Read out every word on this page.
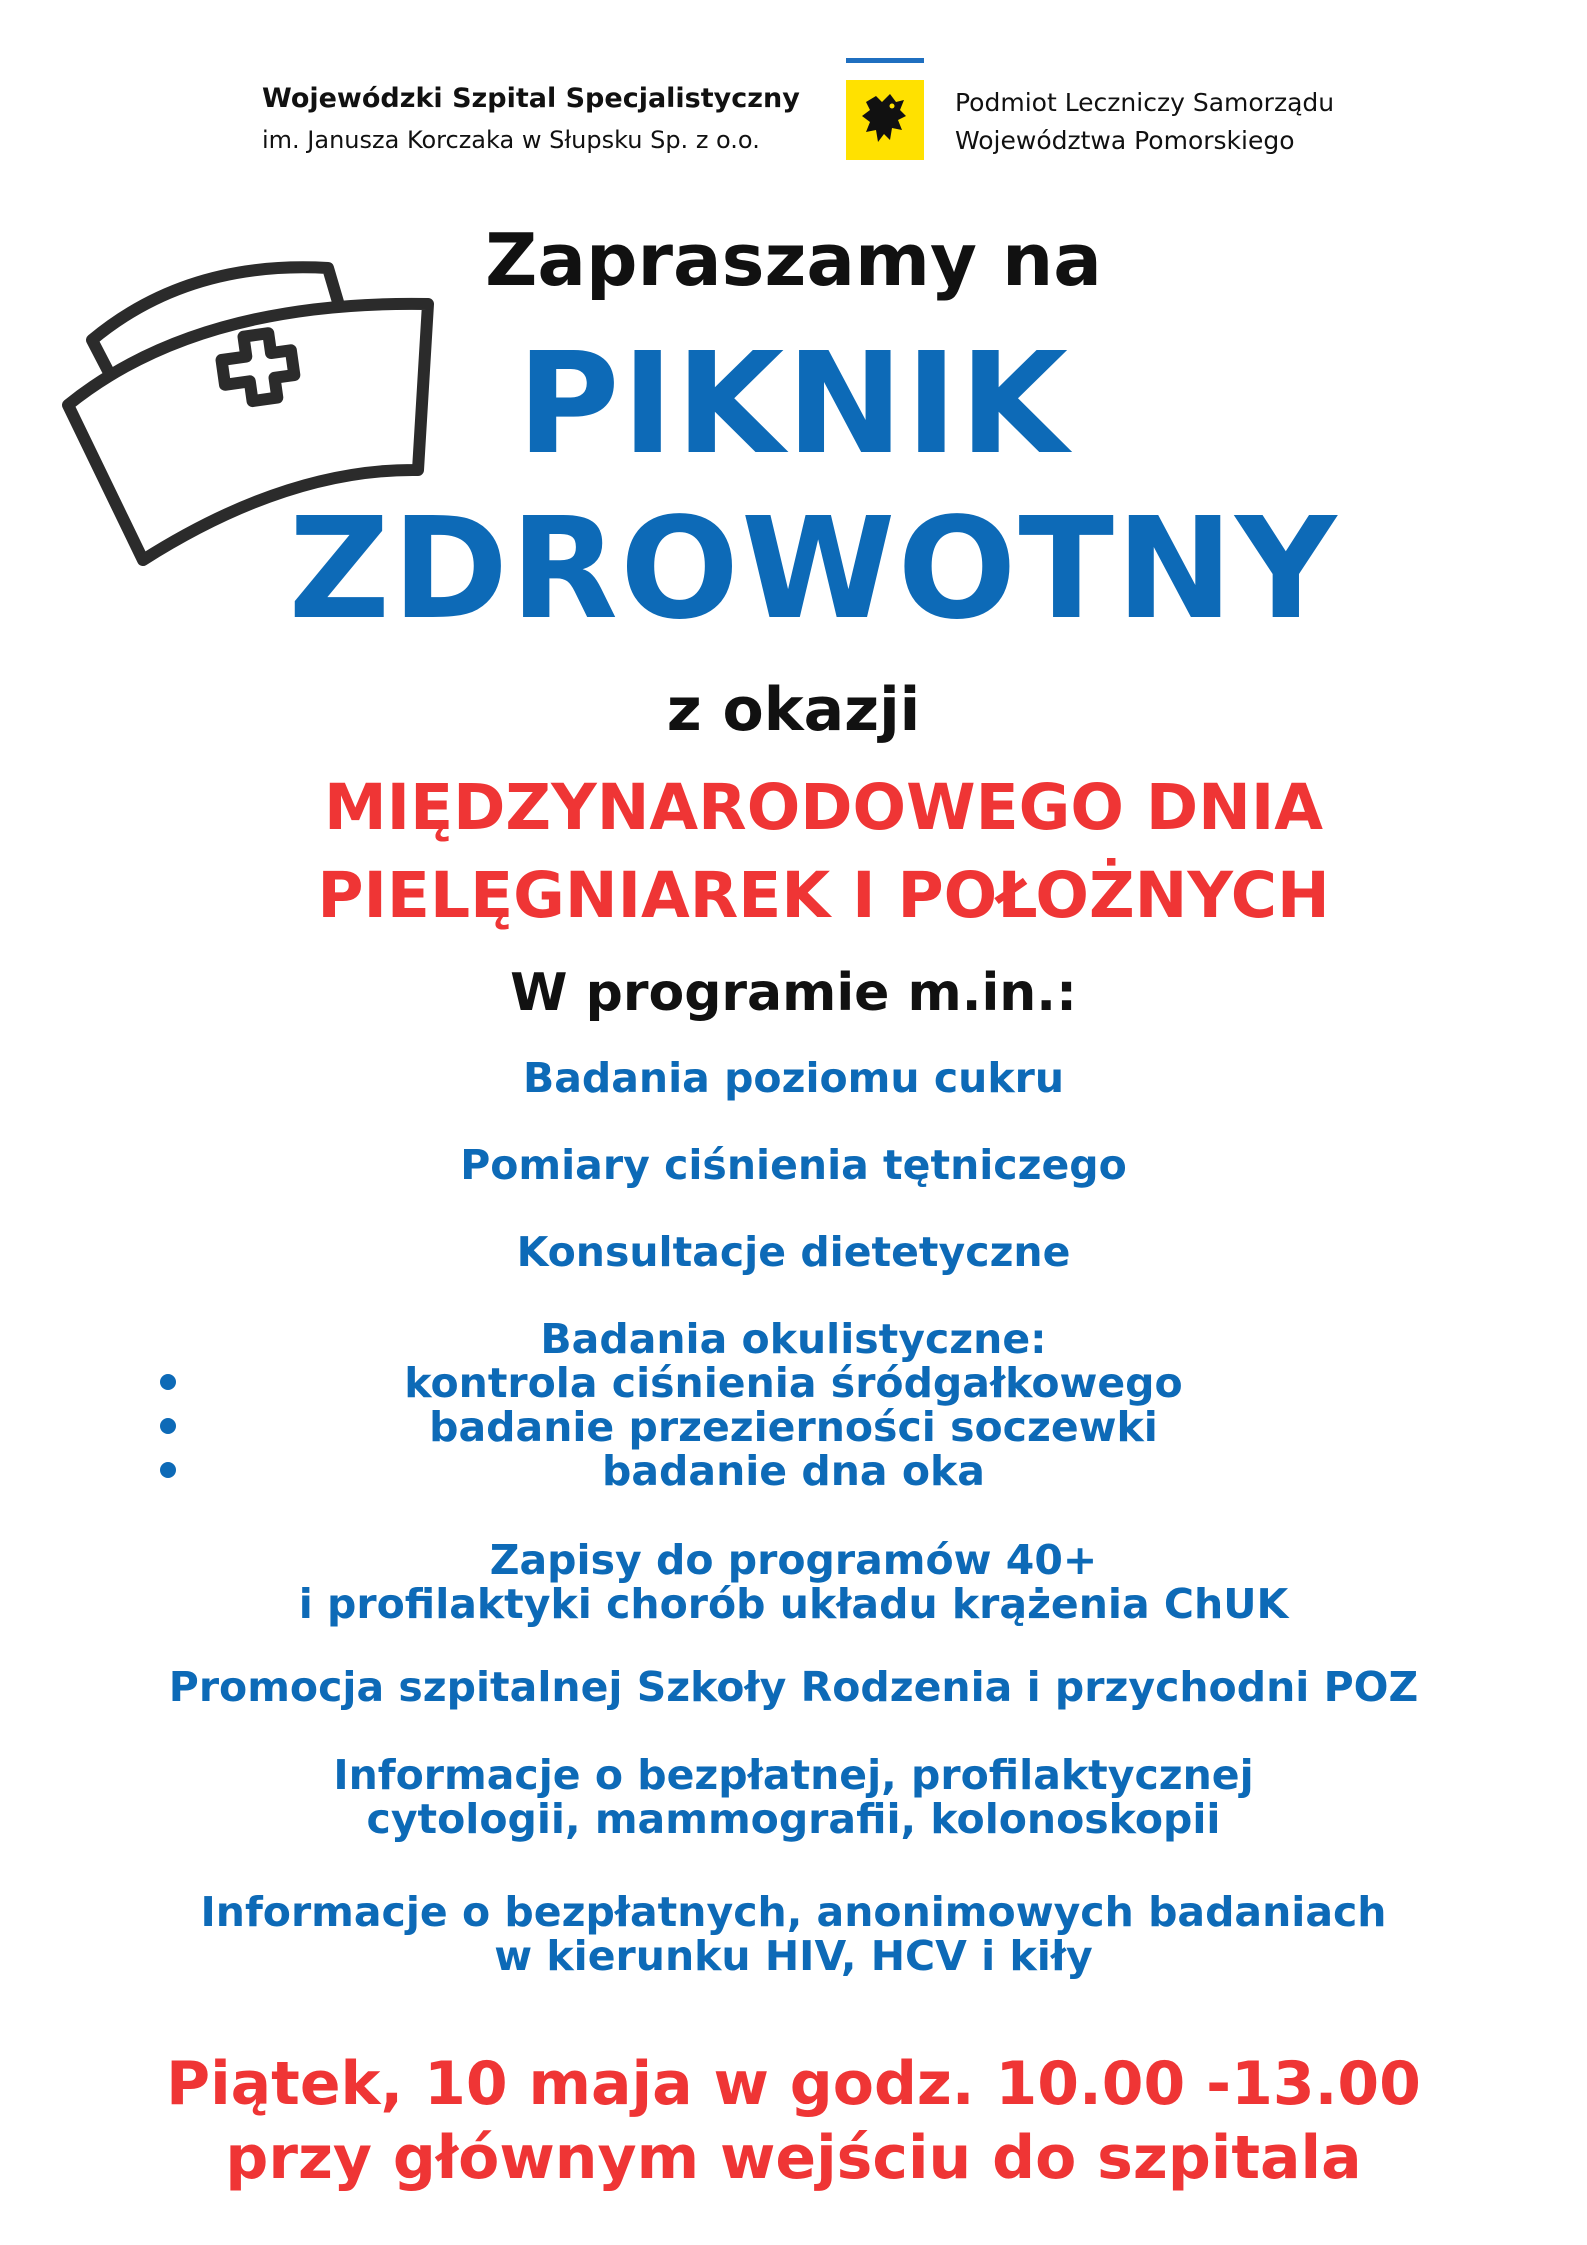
Wojewódzki Szpital Specjalistyczny
im. Janusza Korczaka w Słupsku Sp. z o.o.
Podmiot Leczniczy Samorządu
Województwa Pomorskiego
Zapraszamy na
PIKNIK
ZDROWOTNY
z okazji
MIĘDZYNARODOWEGO DNIA
PIELĘGNIAREK I POŁOŻNYCH
W programie m.in.:
Badania poziomu cukru
Pomiary ciśnienia tętniczego
Konsultacje dietetyczne
Badania okulistyczne:
kontrola ciśnienia śródgałkowego
badanie przezierności soczewki
badanie dna oka
Zapisy do programów 40+
i profilaktyki chorób układu krążenia ChUK
Promocja szpitalnej Szkoły Rodzenia i przychodni POZ
Informacje o bezpłatnej, profilaktycznej
cytologii, mammografii, kolonoskopii
Informacje o bezpłatnych, anonimowych badaniach
w kierunku HIV, HCV i kiły
Piątek, 10 maja w godz. 10.00 -13.00
przy głównym wejściu do szpitala
